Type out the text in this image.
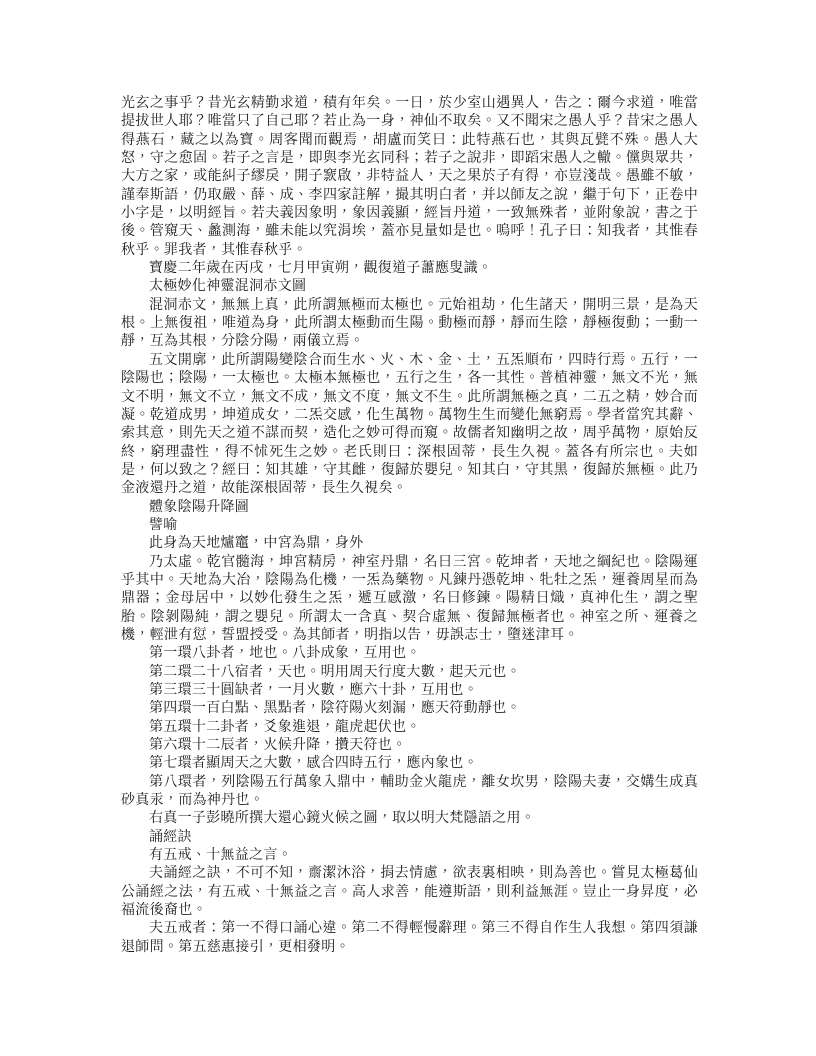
光玄之事乎？昔光玄精勤求道，積有年矣。一日，於少室山遇異人，告之：爾今求道，唯當提拔世人耶？唯當只了自己耶？若止為一身，神仙不取矣。又不聞宋之愚人乎？昔宋之愚人得燕石，藏之以為寶。周客聞而觀焉，胡盧而笑曰：此特燕石也，其與瓦甓不殊。愚人大怒，守之愈固。若子之言是，即與李光玄同科；若子之說非，即蹈宋愚人之轍。儻與眾共，大方之家，或能糾子繆戾，開子窾啟，非特益人，天之果於子有得，亦豈淺哉。愚雖不敏，謹奉斯語，仍取嚴、薛、成、李四家註解，撮其明白者，并以師友之說，繼于句下，正卷中小字是，以明經旨。若夫義因象明，象因義顯，經旨丹道，一致無殊者，並附象說，書之于後。管窺天、蠡測海，雖未能以究涓埃，蓋亦見量如是也。嗚呼！孔子曰：知我者，其惟春秋乎。罪我者，其惟春秋乎。

寶慶二年歲在丙戌，七月甲寅朔，觀復道子蕭應叟識。

太極妙化神靈混洞赤文圖

混洞赤文，無無上真，此所謂無極而太極也。元始祖劫，化生諸天，開明三景，是為天根。上無復祖，唯道為身，此所謂太極動而生陽。動極而靜，靜而生陰，靜極復動；一動一靜，互為其根，分陰分陽，兩儀立焉。

五文開廓，此所謂陽變陰合而生水、火、木、金、土，五炁順布，四時行焉。五行，一陰陽也；陰陽，一太極也。太極本無極也，五行之生，各一其性。普植神靈，無文不光，無文不明，無文不立，無文不成，無文不度，無文不生。此所謂無極之真，二五之精，妙合而凝。乾道成男，坤道成女，二炁交感，化生萬物。萬物生生而變化無窮焉。學者當究其辭、索其意，則先天之道不謀而契，造化之妙可得而窺。故儒者知幽明之故，周乎萬物，原始反終，窮理盡性，得不怵死生之妙。老氏則曰：深根固蒂，長生久視。蓋各有所宗也。夫如是，何以致之？經曰：知其雄，守其雌，復歸於嬰兒。知其白，守其黑，復歸於無極。此乃金液還丹之道，故能深根固蒂，長生久視矣。

體象陰陽升降圖

譬喻

此身為天地爐竈，中宮為鼎，身外

乃太虛。乾官髓海，坤宮精房，神室丹鼎，名曰三宮。乾坤者，天地之綱紀也。陰陽運乎其中。天地為大冶，陰陽為化機，一炁為藥物。凡鍊丹憑乾坤、牝牡之炁，運養周星而為鼎器；金母居中，以妙化發生之炁，遞互感激，名曰修鍊。陽精日熾，真神化生，謂之聖胎。陰剝陽純，謂之嬰兒。所謂太一含真、契合虛無、復歸無極者也。神室之所、運養之機，輕泄有愆，誓盟授受。為其師者，明指以告，毋誤志士，墮迷津耳。

第一環八卦者，地也。八卦成象，互用也。

第二環二十八宿者，天也。明用周天行度大數，起天元也。

第三環三十圓缺者，一月火數，應六十卦，互用也。

第四環一百白點、黑點者，陰符陽火刻漏，應天符動靜也。

第五環十二卦者，爻象進退，龍虎起伏也。

第六環十二辰者，火候升降，攢天符也。

第七環者顯周天之大數，感合四時五行，應內象也。

第八環者，列陰陽五行萬象入鼎中，輔助金火龍虎，離女坎男，陰陽夫妻，交媾生成真砂真汞，而為神丹也。

右真一子彭曉所撰大還心鏡火候之圖，取以明大梵隱語之用。

誦經訣

有五戒、十無益之言。

夫誦經之訣，不可不知，齋潔沐浴，捐去情慮，欲表裏相映，則為善也。嘗見太極葛仙公誦經之法，有五戒、十無益之言。高人求善，能遵斯語，則利益無涯。豈止一身昇度，必福流後裔也。

夫五戒者：第一不得口誦心違。第二不得輕慢辭理。第三不得自作生人我想。第四須謙退師問。第五慈惠接引，更相發明。
